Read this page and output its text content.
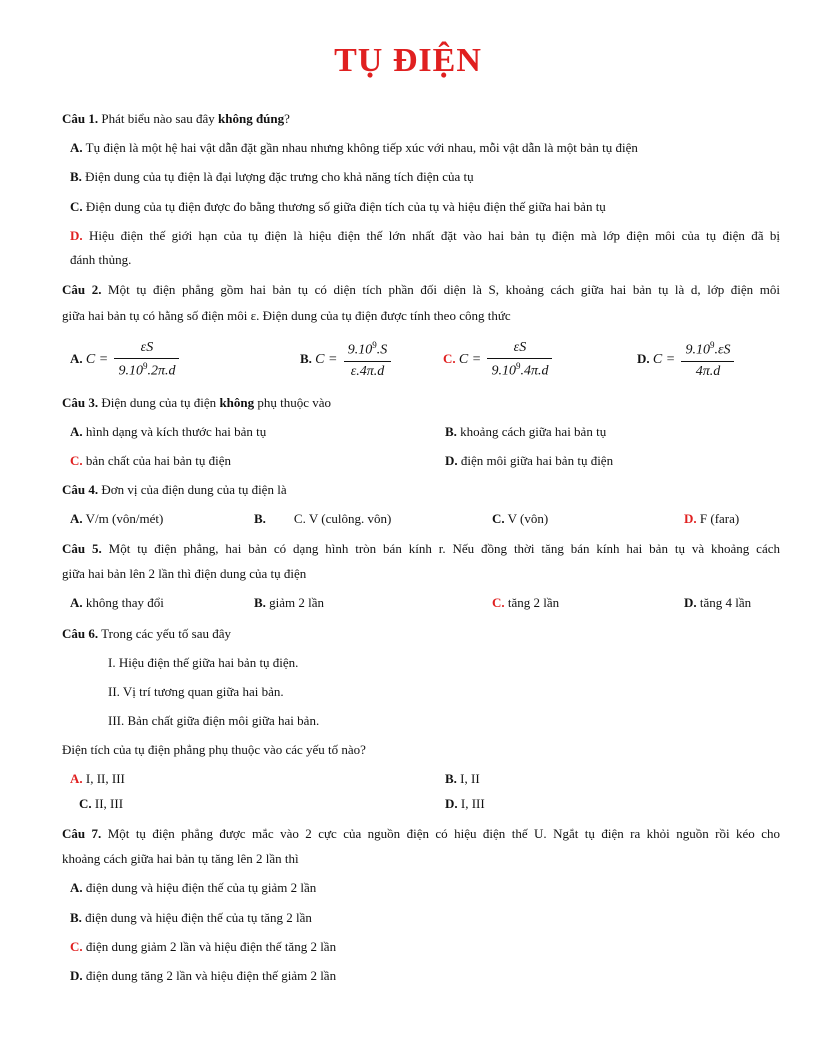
TỤ ĐIỆN
Câu 1. Phát biểu nào sau đây không đúng?
A. Tụ điện là một hệ hai vật dẫn đặt gần nhau nhưng không tiếp xúc với nhau, mỗi vật dẫn là một bản tụ điện
B. Điện dung của tụ điện là đại lượng đặc trưng cho khả năng tích điện của tụ
C. Điện dung của tụ điện được đo bằng thương số giữa điện tích của tụ và hiệu điện thế giữa hai bản tụ
D. Hiệu điện thế giới hạn của tụ điện là hiệu điện thế lớn nhất đặt vào hai bản tụ điện mà lớp điện môi của tụ điện đã bị
đánh thủng.
Câu 2. Một tụ điện phẳng gồm hai bản tụ có diện tích phần đối diện là S, khoảng cách giữa hai bản tụ là d, lớp điện môi
giữa hai bản tụ có hằng số điện môi ε. Điện dung của tụ điện được tính theo công thức
A. $C = \frac{\varepsilon S}{9.10^9.2\pi.d}$	B. $C = \frac{9.10^9.S}{\varepsilon.4\pi.d}$	C. $C = \frac{\varepsilon S}{9.10^9.4\pi.d}$	D. $C = \frac{9.10^9.\varepsilon S}{4\pi.d}$
Câu 3. Điện dung của tụ điện không phụ thuộc vào
A. hình dạng và kích thước hai bản tụ	B. khoảng cách giữa hai bản tụ
C. bản chất của hai bản tụ điện	D. điện môi giữa hai bản tụ điện
Câu 4. Đơn vị của điện dung của tụ điện là
A. V/m (vôn/mét)	B. C. V (culông. vôn)	C. V (vôn)	D. F (fara)
Câu 5. Một tụ điện phẳng, hai bản có dạng hình tròn bán kính r. Nếu đồng thời tăng bán kính hai bản tụ và khoảng cách
giữa hai bản lên 2 lần thì điện dung của tụ điện
A. không thay đổi	B. giảm 2 lần	C. tăng 2 lần	D. tăng 4 lần
Câu 6. Trong các yếu tố sau đây
I. Hiệu điện thế giữa hai bản tụ điện.
II. Vị trí tương quan giữa hai bản.
III. Bản chất giữa điện môi giữa hai bản.
Điện tích của tụ điện phẳng phụ thuộc vào các yếu tố nào?
A. I, II, III	B. I, II
C. II, III	D. I, III
Câu 7. Một tụ điện phẳng được mắc vào 2 cực của nguồn điện có hiệu điện thế U. Ngắt tụ điện ra khỏi nguồn rồi kéo cho
khoảng cách giữa hai bản tụ tăng lên 2 lần thì
A. điện dung và hiệu điện thế của tụ giảm 2 lần
B. điện dung và hiệu điện thế của tụ tăng 2 lần
C. điện dung giảm 2 lần và hiệu điện thế tăng 2 lần
D. điện dung tăng 2 lần và hiệu điện thế giảm 2 lần
